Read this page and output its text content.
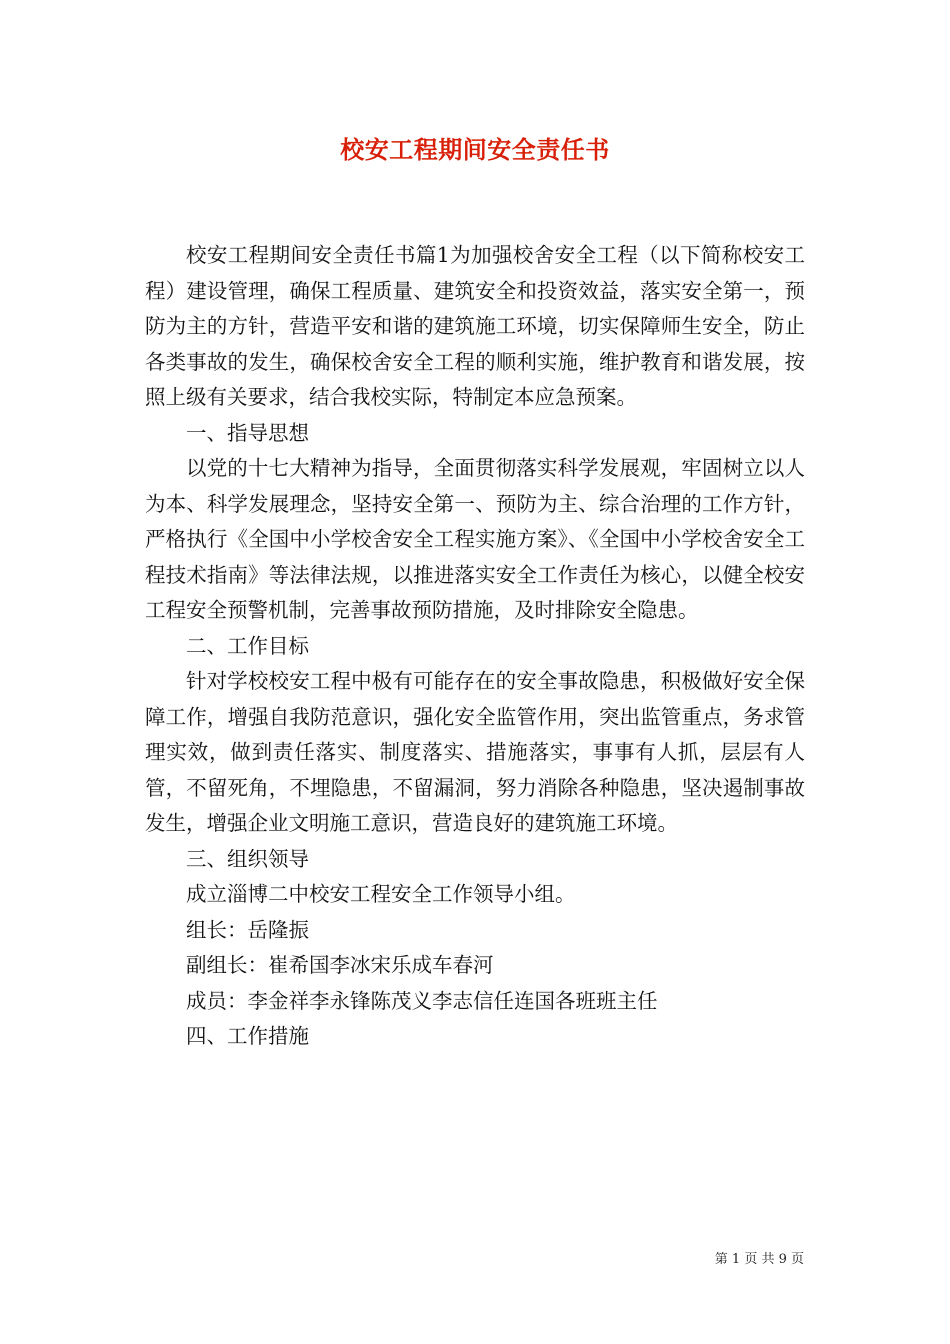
校安工程期间安全责任书

校安工程期间安全责任书篇1为加强校舍安全工程（以下简称校安工程）建设管理，确保工程质量、建筑安全和投资效益，落实安全第一，预防为主的方针，营造平安和谐的建筑施工环境，切实保障师生安全，防止各类事故的发生，确保校舍安全工程的顺利实施，维护教育和谐发展，按照上级有关要求，结合我校实际，特制定本应急预案。

一、指导思想

以党的十七大精神为指导，全面贯彻落实科学发展观，牢固树立以人为本、科学发展理念，坚持安全第一、预防为主、综合治理的工作方针，严格执行《全国中小学校舍安全工程实施方案》、《全国中小学校舍安全工程技术指南》等法律法规，以推进落实安全工作责任为核心，以健全校安工程安全预警机制，完善事故预防措施，及时排除安全隐患。

二、工作目标

针对学校校安工程中极有可能存在的安全事故隐患，积极做好安全保障工作，增强自我防范意识，强化安全监管作用，突出监管重点，务求管理实效，做到责任落实、制度落实、措施落实，事事有人抓，层层有人管，不留死角，不埋隐患，不留漏洞，努力消除各种隐患，坚决遏制事故发生，增强企业文明施工意识，营造良好的建筑施工环境。

三、组织领导

成立淄博二中校安工程安全工作领导小组。

组长：岳隆振

副组长：崔希国李冰宋乐成车春河

成员：李金祥李永锋陈茂义李志信任连国各班班主任

四、工作措施

第 1 页 共 9 页
